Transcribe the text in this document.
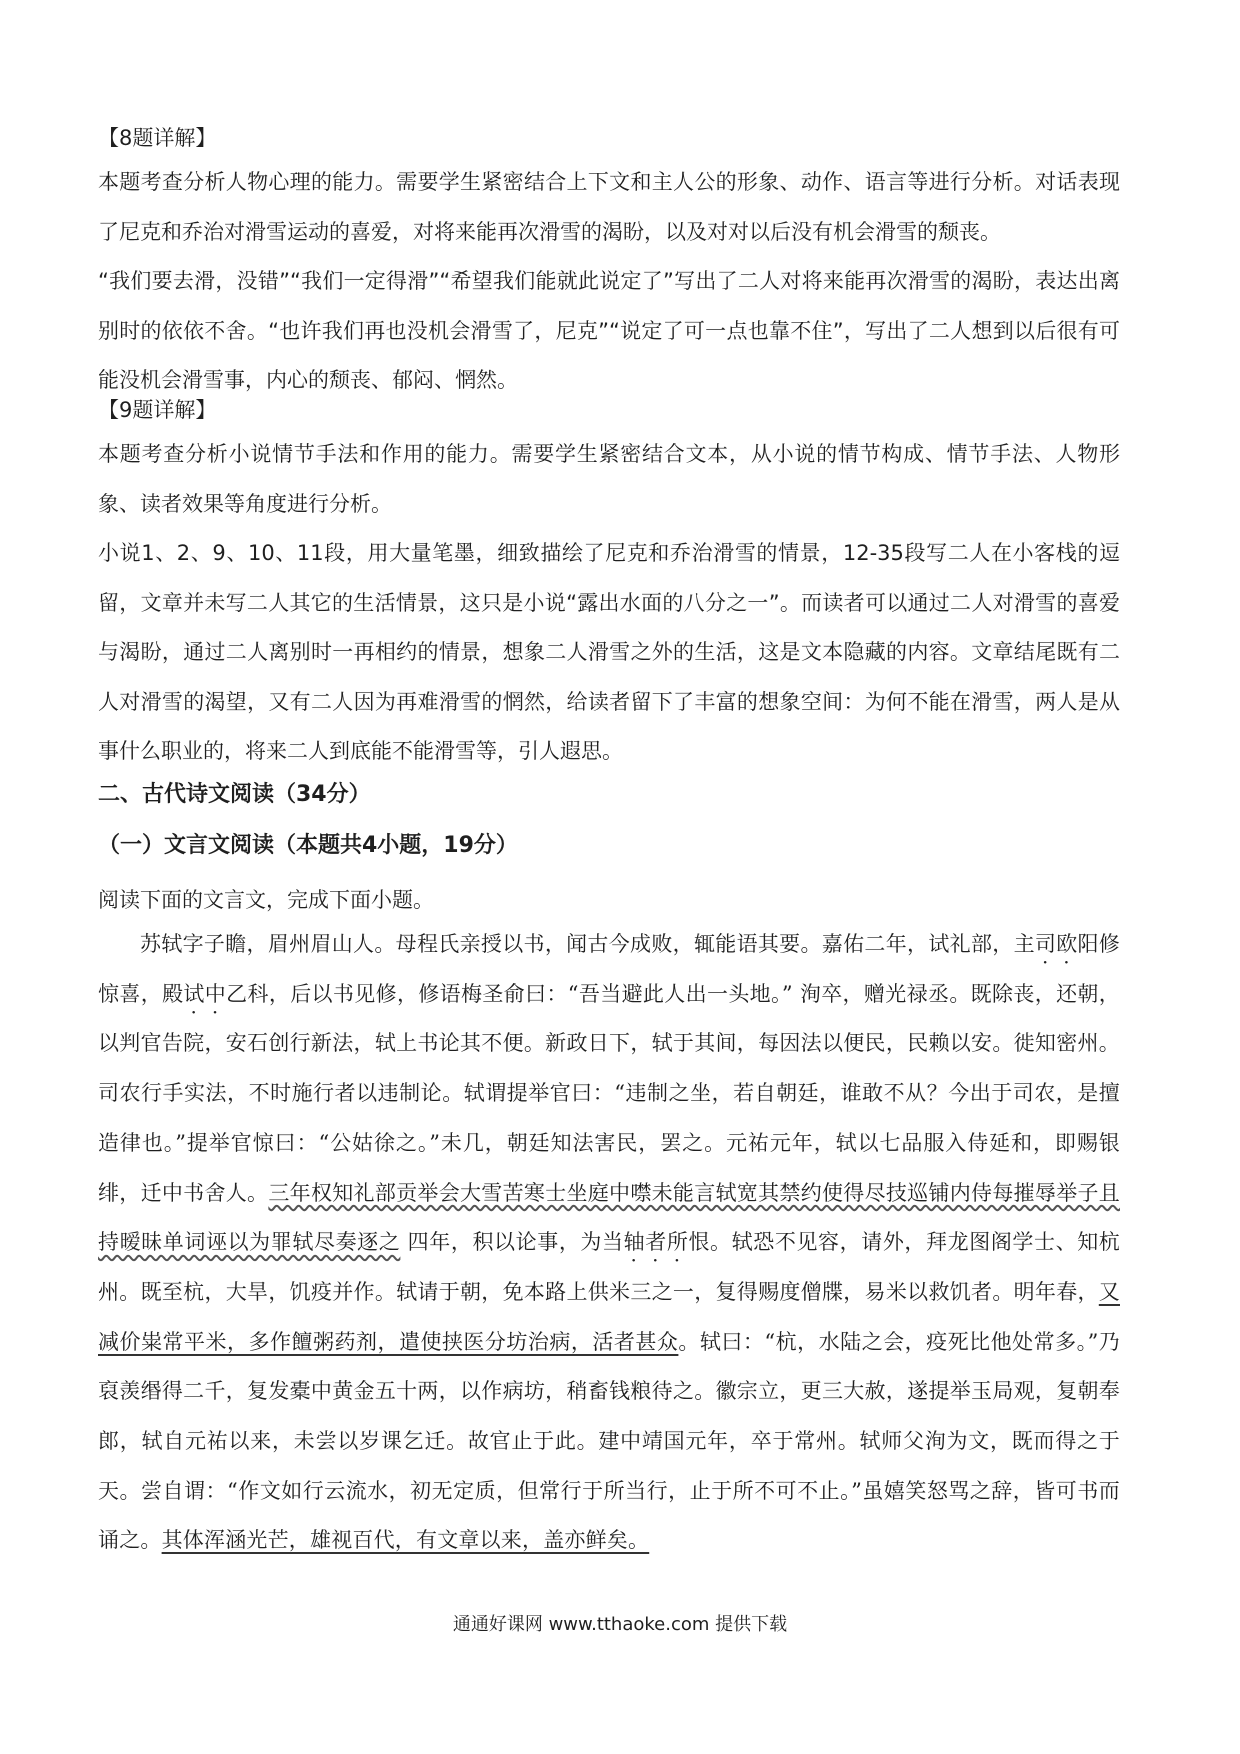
【8题详解】

本题考查分析人物心理的能力。需要学生紧密结合上下文和主人公的形象、动作、语言等进行分析。对话表现了尼克和乔治对滑雪运动的喜爱，对将来能再次滑雪的渴盼，以及对对以后没有机会滑雪的颓丧。

“我们要去滑，没错”“我们一定得滑”“希望我们能就此说定了”写出了二人对将来能再次滑雪的渴盼，表达出离别时的依依不舍。“也许我们再也没机会滑雪了，尼克”“说定了可一点也靠不住”，写出了二人想到以后很有可能没机会滑雪事，内心的颓丧、郁闷、惘然。

【9题详解】

本题考查分析小说情节手法和作用的能力。需要学生紧密结合文本，从小说的情节构成、情节手法、人物形象、读者效果等角度进行分析。

小说1、2、9、10、11段，用大量笔墨，细致描绘了尼克和乔治滑雪的情景，12-35段写二人在小客栈的逗留，文章并未写二人其它的生活情景，这只是小说“露出水面的八分之一”。而读者可以通过二人对滑雪的喜爱与渴盼，通过二人离别时一再相约的情景，想象二人滑雪之外的生活，这是文本隐藏的内容。文章结尾既有二人对滑雪的渴望，又有二人因为再难滑雪的惘然，给读者留下了丰富的想象空间：为何不能在滑雪，两人是从事什么职业的，将来二人到底能不能滑雪等，引人遐思。

二、古代诗文阅读（34分）

（一）文言文阅读（本题共4小题，19分）

阅读下面的文言文，完成下面小题。

苏轼字子瞻，眉州眉山人。母程氏亲授以书，闻古今成败，辄能语其要。嘉佑二年，试礼部，主司欧阳修惊喜，殿试中乙科，后以书见修，修语梅圣俞曰：“吾当避此人出一头地。” 洵卒，赠光禄丞。既除丧，还朝，以判官告院，安石创行新法，轼上书论其不便。新政日下，轼于其间，每因法以便民，民赖以安。徙知密州。司农行手实法，不时施行者以违制论。轼谓提举官曰：“违制之坐，若自朝廷，谁敢不从？今出于司农，是擅造律也。”提举官惊曰：“公姑徐之。”未几，朝廷知法害民，罢之。元祐元年，轼以七品服入侍延和，即赐银绯，迁中书舍人。三年权知礼部贡举会大雪苦寒士坐庭中噤未能言轼宽其禁约使得尽技巡铺内侍每摧辱举子且持暧昧单词诬以为罪轼尽奏逐之 四年，积以论事，为当轴者所恨。轼恐不见容，请外，拜龙图阁学士、知杭州。既至杭，大旱，饥疫并作。轼请于朝，免本路上供米三之一，复得赐度僧牒，易米以救饥者。明年春，又减价粜常平米，多作饘粥药剂，遣使挟医分坊治病，活者甚众。轼曰：“杭，水陆之会，疫死比他处常多。”乃裒羡缗得二千，复发橐中黄金五十两，以作病坊，稍畜钱粮待之。徽宗立，更三大赦，遂提举玉局观，复朝奉郎，轼自元祐以来，未尝以岁课乞迁。故官止于此。建中靖国元年，卒于常州。轼师父洵为文，既而得之于天。尝自谓：“作文如行云流水，初无定质，但常行于所当行，止于所不可不止。”虽嬉笑怒骂之辞，皆可书而诵之。其体浑涵光芒，雄视百代，有文章以来，盖亦鲜矣。

通通好课网 www.tthaoke.com 提供下载
